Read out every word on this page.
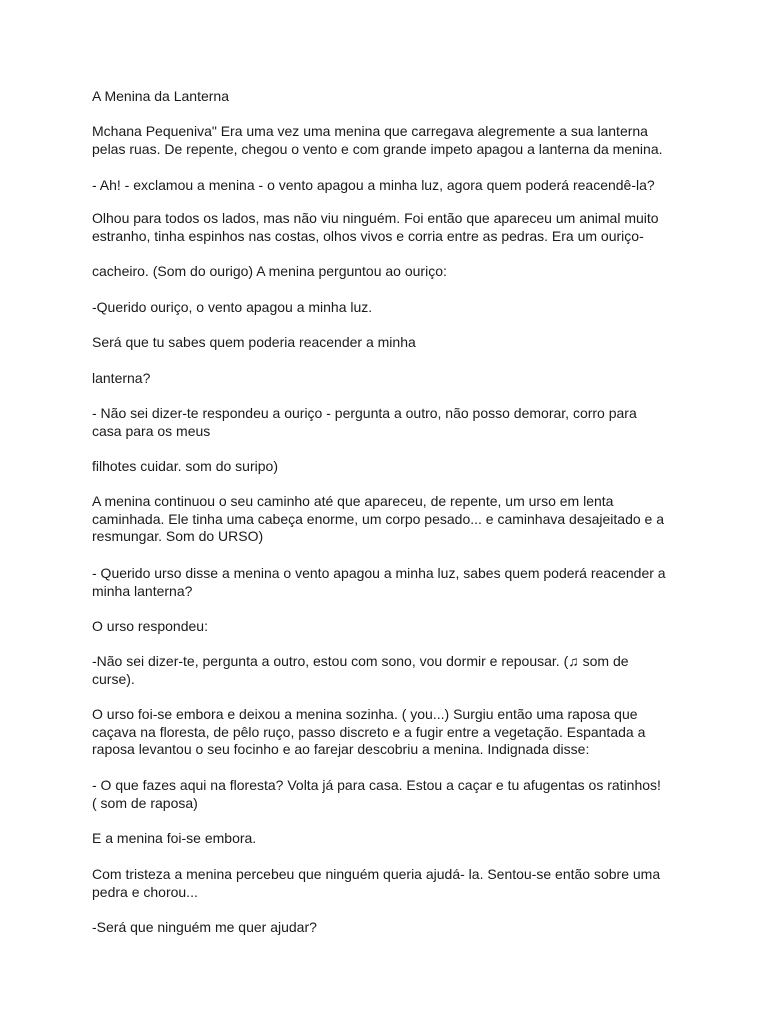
A Menina da Lanterna

Mchana Pequeniva" Era uma vez uma menina que carregava alegremente a sua lanterna
pelas ruas. De repente, chegou o vento e com grande impeto apagou a lanterna da menina.

- Ah! - exclamou a menina - o vento apagou a minha luz, agora quem poderá reacendê-la?

Olhou para todos os lados, mas não viu ninguém. Foi então que apareceu um animal muito
estranho, tinha espinhos nas costas, olhos vivos e corria entre as pedras. Era um ouriço-

cacheiro. (Som do ourigo) A menina perguntou ao ouriço:

-Querido ouriço, o vento apagou a minha luz.

Será que tu sabes quem poderia reacender a minha

lanterna?

- Não sei dizer-te respondeu a ouriço - pergunta a outro, não posso demorar, corro para
casa para os meus

filhotes cuidar. som do suripo)

A menina continuou o seu caminho até que apareceu, de repente, um urso em lenta
caminhada. Ele tinha uma cabeça enorme, um corpo pesado... e caminhava desajeitado e a
resmungar. Som do URSO)

- Querido urso disse a menina o vento apagou a minha luz, sabes quem poderá reacender a
minha lanterna?

O urso respondeu:

-Não sei dizer-te, pergunta a outro, estou com sono, vou dormir e repousar. (♫ som de
curse).

O urso foi-se embora e deixou a menina sozinha. ( you...) Surgiu então uma raposa que
caçava na floresta, de pêlo ruço, passo discreto e a fugir entre a vegetação. Espantada a
raposa levantou o seu focinho e ao farejar descobriu a menina. Indignada disse:

- O que fazes aqui na floresta? Volta já para casa. Estou a caçar e tu afugentas os ratinhos!
( som de raposa)

E a menina foi-se embora.

Com tristeza a menina percebeu que ninguém queria ajudá- la. Sentou-se então sobre uma
pedra e chorou...

-Será que ninguém me quer ajudar?
